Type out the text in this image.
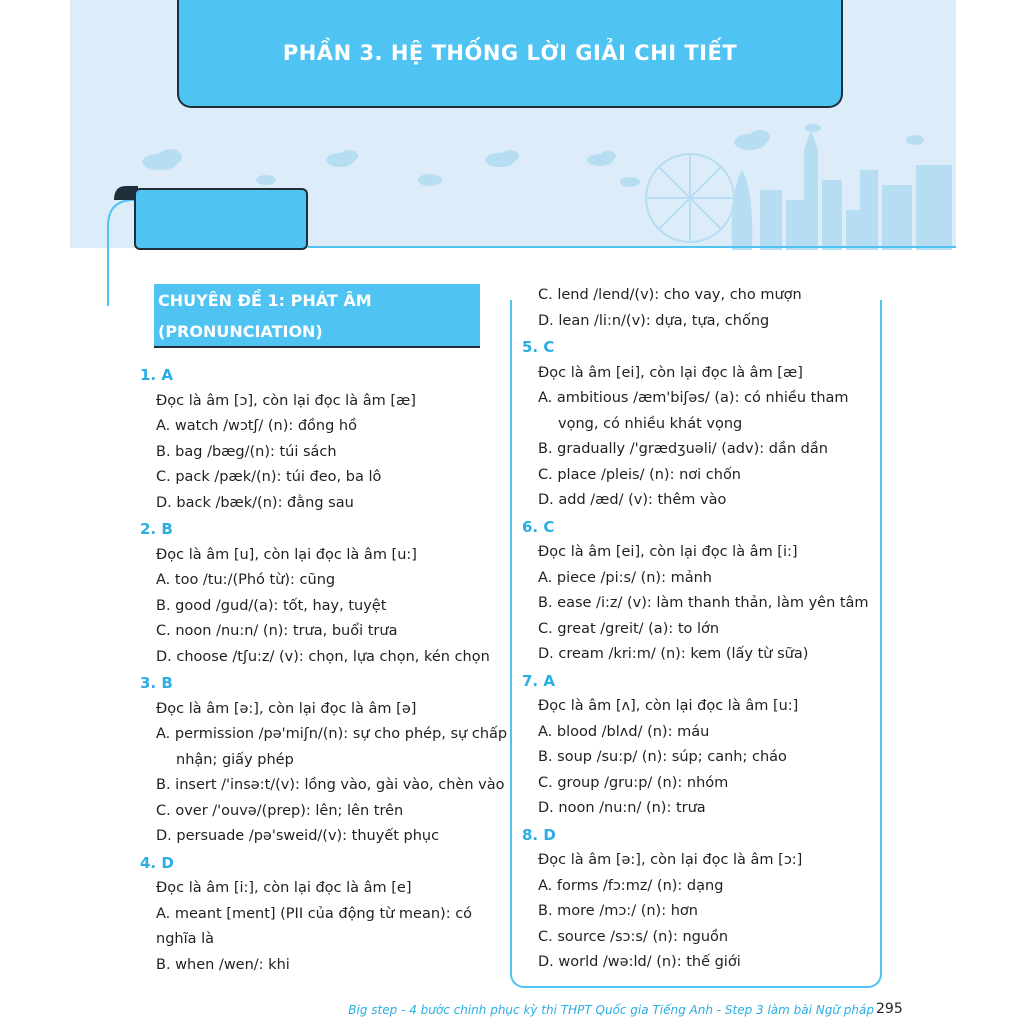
PHẦN 3. HỆ THỐNG LỜI GIẢI CHI TIẾT
CHUYÊN ĐỀ 1: PHÁT ÂM
(PRONUNCIATION)
1. A
Đọc là âm [ɔ], còn lại đọc là âm [æ]
A. watch /wɔtʃ/ (n): đồng hồ
B. bag /bæg/(n): túi sách
C. pack /pæk/(n): túi đeo, ba lô
D. back /bæk/(n): đằng sau
2. B
Đọc là âm [u], còn lại đọc là âm [u:]
A. too /tu:/(Phó từ): cũng
B. good /gud/(a): tốt, hay, tuyệt
C. noon /nu:n/ (n): trưa, buổi trưa
D. choose /tʃu:z/ (v): chọn, lựa chọn, kén chọn
3. B
Đọc là âm [ə:], còn lại đọc là âm [ə]
A. permission /pə'miʃn/(n): sự cho phép, sự chấp nhận; giấy phép
B. insert /'insə:t/(v): lồng vào, gài vào, chèn vào
C. over /'ouvə/(prep): lên; lên trên
D. persuade /pə'sweid/(v): thuyết phục
4. D
Đọc là âm [i:], còn lại đọc là âm [e]
A. meant [ment] (PII của động từ mean): có nghĩa là
B. when /wen/: khi
C. lend /lend/(v): cho vay, cho mượn
D. lean /li:n/(v): dựa, tựa, chống
5. C
Đọc là âm [ei], còn lại đọc là âm [æ]
A. ambitious /æm'biʃəs/ (a): có nhiều tham vọng, có nhiều khát vọng
B. gradually /'grædʒuəli/ (adv): dần dần
C. place /pleis/ (n): nơi chốn
D. add /æd/ (v): thêm vào
6. C
Đọc là âm [ei], còn lại đọc là âm [i:]
A. piece /pi:s/ (n): mảnh
B. ease /i:z/ (v): làm thanh thản, làm yên tâm
C. great /greit/ (a): to lớn
D. cream /kri:m/ (n): kem (lấy từ sữa)
7. A
Đọc là âm [ʌ], còn lại đọc là âm [u:]
A. blood /blʌd/ (n): máu
B. soup /su:p/ (n): súp; canh; cháo
C. group /gru:p/ (n): nhóm
D. noon /nu:n/ (n): trưa
8. D
Đọc là âm [ə:], còn lại đọc là âm [ɔ:]
A. forms /fɔ:mz/ (n): dạng
B. more /mɔ:/ (n): hơn
C. source /sɔ:s/ (n): nguồn
D. world /wə:ld/ (n): thế giới
Big step - 4 bước chinh phục kỳ thi THPT Quốc gia Tiếng Anh - Step 3 làm bài Ngữ pháp 295
